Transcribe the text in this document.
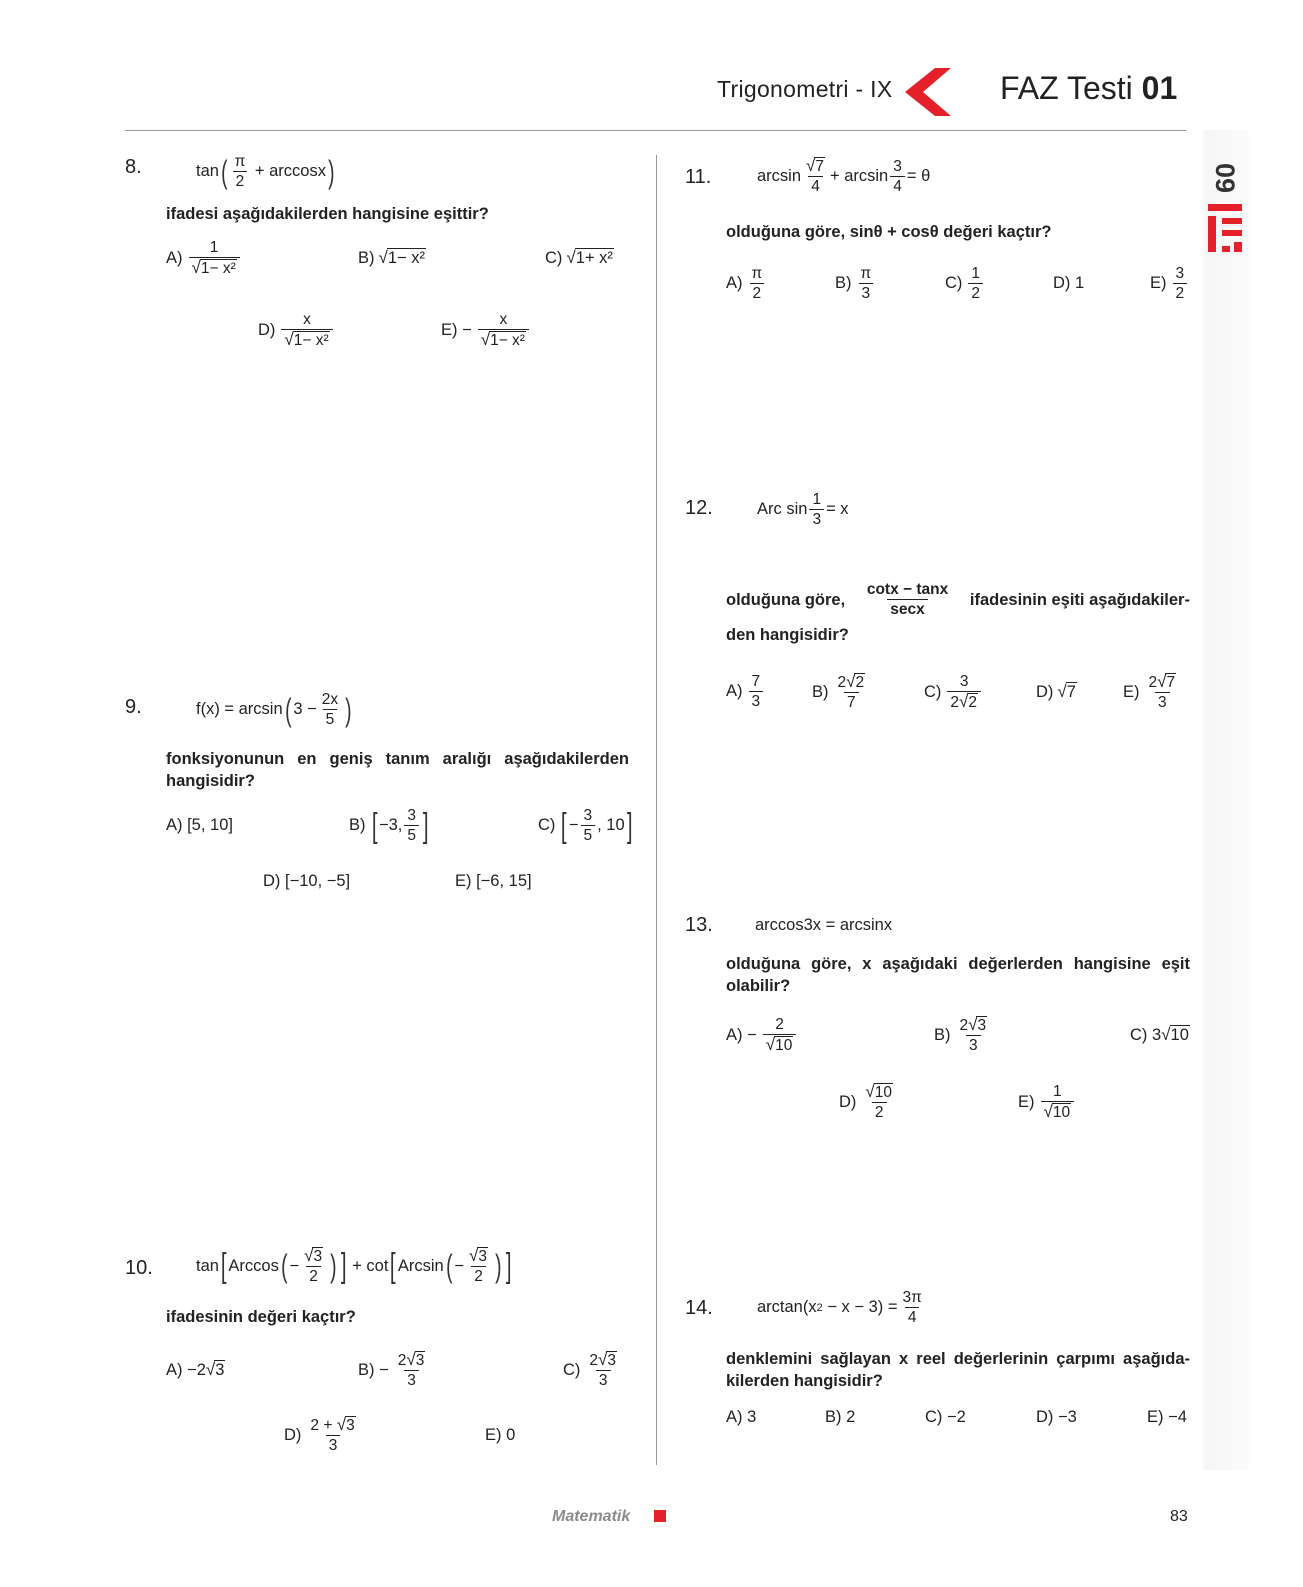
Trigonometri - IX	FAZ Testi 01
09
8.	$\tan( \frac{\pi}{2} + \arccos x)$
ifadesi aşağıdakilerden hangisine eşittir?
$A) \frac{1}{\text{√1− x²}}$	B) √1− x²	C) √1+ x²
$D) \frac{x}{\text{√1− x²}}$	$E) - \frac{x}{\text{√1− x²}}$
9.	f(x) = arcsin ( $3 - \frac{2x}{5}$ )
fonksiyonunun en geniş tanım aralığı aşağıdakilerden hangisidir?
A) [5, 10]	B) [ −3, $\frac{3}{5}$ ]	C) [ − $\frac{3}{5}$ , 10 ]
D) [−10, −5]	E) [−6, 15]
10.	tan [ Arccos ( − $\frac{√3}{2}$ ) ] + cot [ Arcsin ( − $\frac{√3}{2}$ ) ]
ifadesinin değeri kaçtır?
A) −2 √3	$B) - \frac{2√3}{3}$	$C) \frac{2√3}{3}$
$D) \frac{2 + √3}{3}$	E) 0
11.	$\arcsin \frac{√7}{4} + \arcsin \frac{3}{4} = \theta$
olduğuna göre, sinθ + cosθ değeri kaçtır?
$A) \frac{\pi}{2}$	$B) \frac{\pi}{3}$	$C) \frac{1}{2}$	D) 1	$E) \frac{3}{2}$
12.	Arc $\sin \frac{1}{3} = x$
olduğuna göre, $\frac{\cot x - \tan x}{\sec x}$ ifadesinin eşiti aşağıdakiler-
den hangisidir?
$A) \frac{7}{3}$	$B) \frac{2√2}{7}$	$C) \frac{3}{2√2}$	D) √7	$E) \frac{2√7}{3}$
13.	arccos3x = arcsinx
olduğuna göre, x aşağıdaki değerlerden hangisine eşit olabilir?
$A) - \frac{2}{√10}$	$B) \frac{2√3}{3}$	C) 3 √10
$D) \frac{√10}{2}$	$E) \frac{1}{√10}$
14.	arctan(x $2 - x - 3) = \frac{3\pi}{4}$
denklemini sağlayan x reel değerlerinin çarpımı aşağıda-kilerden hangisidir?
A) 3	B) 2	C) −2	D) −3	E) −4
Matematik	83
